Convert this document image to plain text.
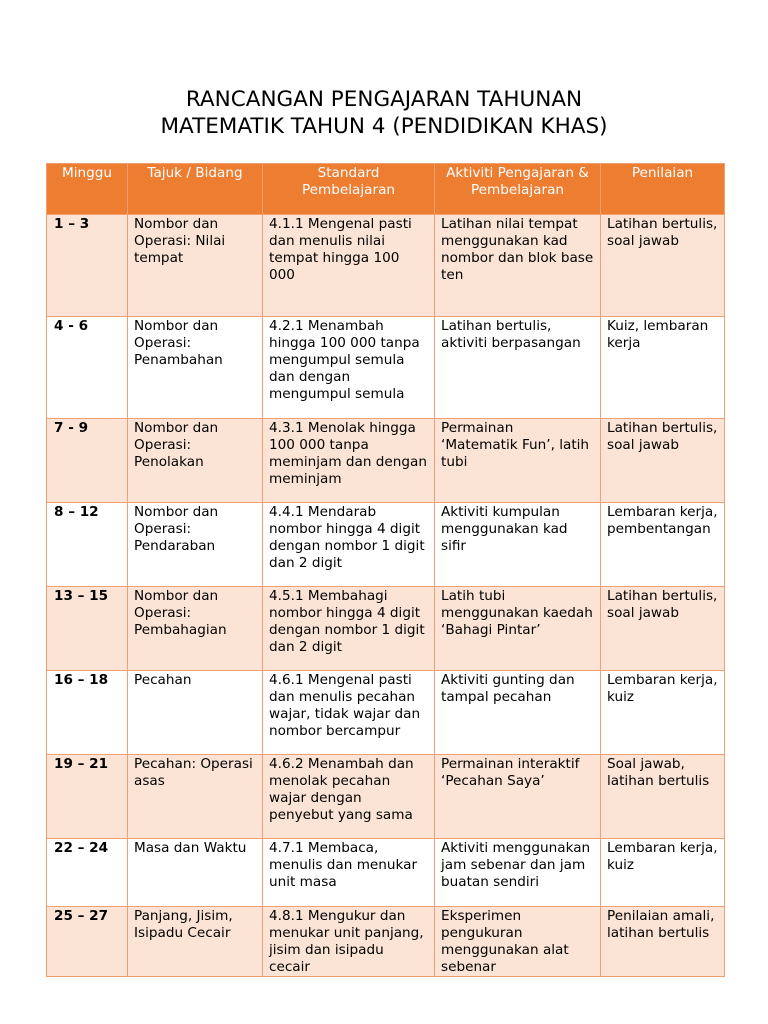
RANCANGAN PENGAJARAN TAHUNAN
MATEMATIK TAHUN 4 (PENDIDIKAN KHAS)
Minggu	Tajuk / Bidang	Standard Pembelajaran	Aktiviti Pengajaran & Pembelajaran	Penilaian
1 – 3	Nombor dan Operasi: Nilai tempat	4.1.1 Mengenal pasti dan menulis nilai tempat hingga 100 000	Latihan nilai tempat menggunakan kad nombor dan blok base ten	Latihan bertulis, soal jawab
4 - 6	Nombor dan Operasi: Penambahan	4.2.1 Menambah hingga 100 000 tanpa mengumpul semula dan dengan mengumpul semula	Latihan bertulis, aktiviti berpasangan	Kuiz, lembaran kerja
7 - 9	Nombor dan Operasi: Penolakan	4.3.1 Menolak hingga 100 000 tanpa meminjam dan dengan meminjam	Permainan ‘Matematik Fun’, latih tubi	Latihan bertulis, soal jawab
8 – 12	Nombor dan Operasi: Pendaraban	4.4.1 Mendarab nombor hingga 4 digit dengan nombor 1 digit dan 2 digit	Aktiviti kumpulan menggunakan kad sifir	Lembaran kerja, pembentangan
13 – 15	Nombor dan Operasi: Pembahagian	4.5.1 Membahagi nombor hingga 4 digit dengan nombor 1 digit dan 2 digit	Latih tubi menggunakan kaedah ‘Bahagi Pintar’	Latihan bertulis, soal jawab
16 – 18	Pecahan	4.6.1 Mengenal pasti dan menulis pecahan wajar, tidak wajar dan nombor bercampur	Aktiviti gunting dan tampal pecahan	Lembaran kerja, kuiz
19 – 21	Pecahan: Operasi asas	4.6.2 Menambah dan menolak pecahan wajar dengan penyebut yang sama	Permainan interaktif ‘Pecahan Saya’	Soal jawab, latihan bertulis
22 – 24	Masa dan Waktu	4.7.1 Membaca, menulis dan menukar unit masa	Aktiviti menggunakan jam sebenar dan jam buatan sendiri	Lembaran kerja, kuiz
25 – 27	Panjang, Jisim, Isipadu Cecair	4.8.1 Mengukur dan menukar unit panjang, jisim dan isipadu cecair	Eksperimen pengukuran menggunakan alat sebenar	Penilaian amali, latihan bertulis
